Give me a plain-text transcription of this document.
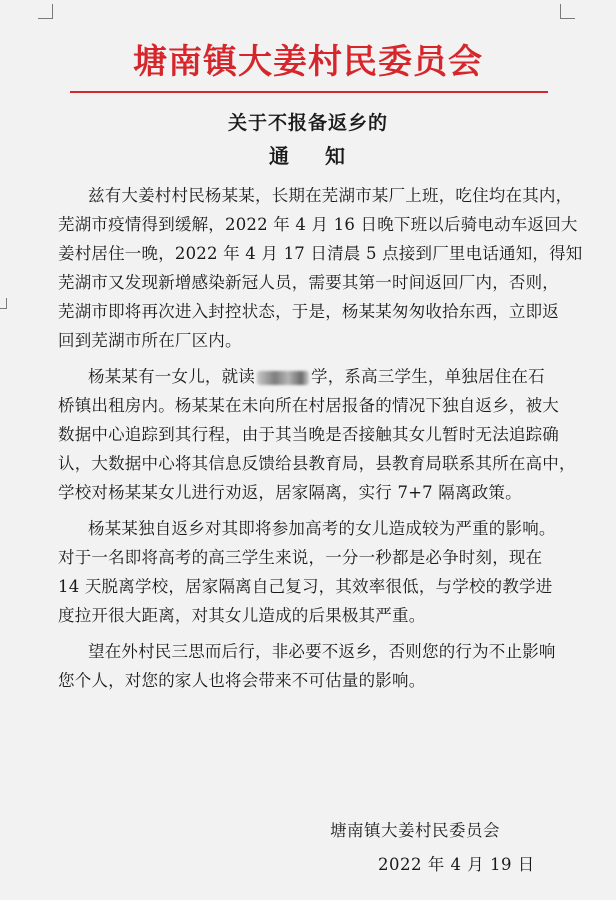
塘南镇大姜村民委员会
关于不报备返乡的
通 知
兹有大姜村村民杨某某，长期在芜湖市某厂上班，吃住均在其内，
芜湖市疫情得到缓解，2022 年 4 月 16 日晚下班以后骑电动车返回大
姜村居住一晚，2022 年 4 月 17 日清晨 5 点接到厂里电话通知，得知
芜湖市又发现新增感染新冠人员，需要其第一时间返回厂内，否则，
芜湖市即将再次进入封控状态，于是，杨某某匆匆收拾东西，立即返
回到芜湖市所在厂区内。
杨某某有一女儿，就读	学，系高三学生，单独居住在石
桥镇出租房内。杨某某在未向所在村居报备的情况下独自返乡，被大
数据中心追踪到其行程，由于其当晚是否接触其女儿暂时无法追踪确
认，大数据中心将其信息反馈给县教育局，县教育局联系其所在高中，
学校对杨某某女儿进行劝返，居家隔离，实行 7+7 隔离政策。
杨某某独自返乡对其即将参加高考的女儿造成较为严重的影响。
对于一名即将高考的高三学生来说，一分一秒都是必争时刻，现在
14 天脱离学校，居家隔离自己复习，其效率很低，与学校的教学进
度拉开很大距离，对其女儿造成的后果极其严重。
望在外村民三思而后行，非必要不返乡，否则您的行为不止影响
您个人，对您的家人也将会带来不可估量的影响。
塘南镇大姜村民委员会
2022 年 4 月 19 日
